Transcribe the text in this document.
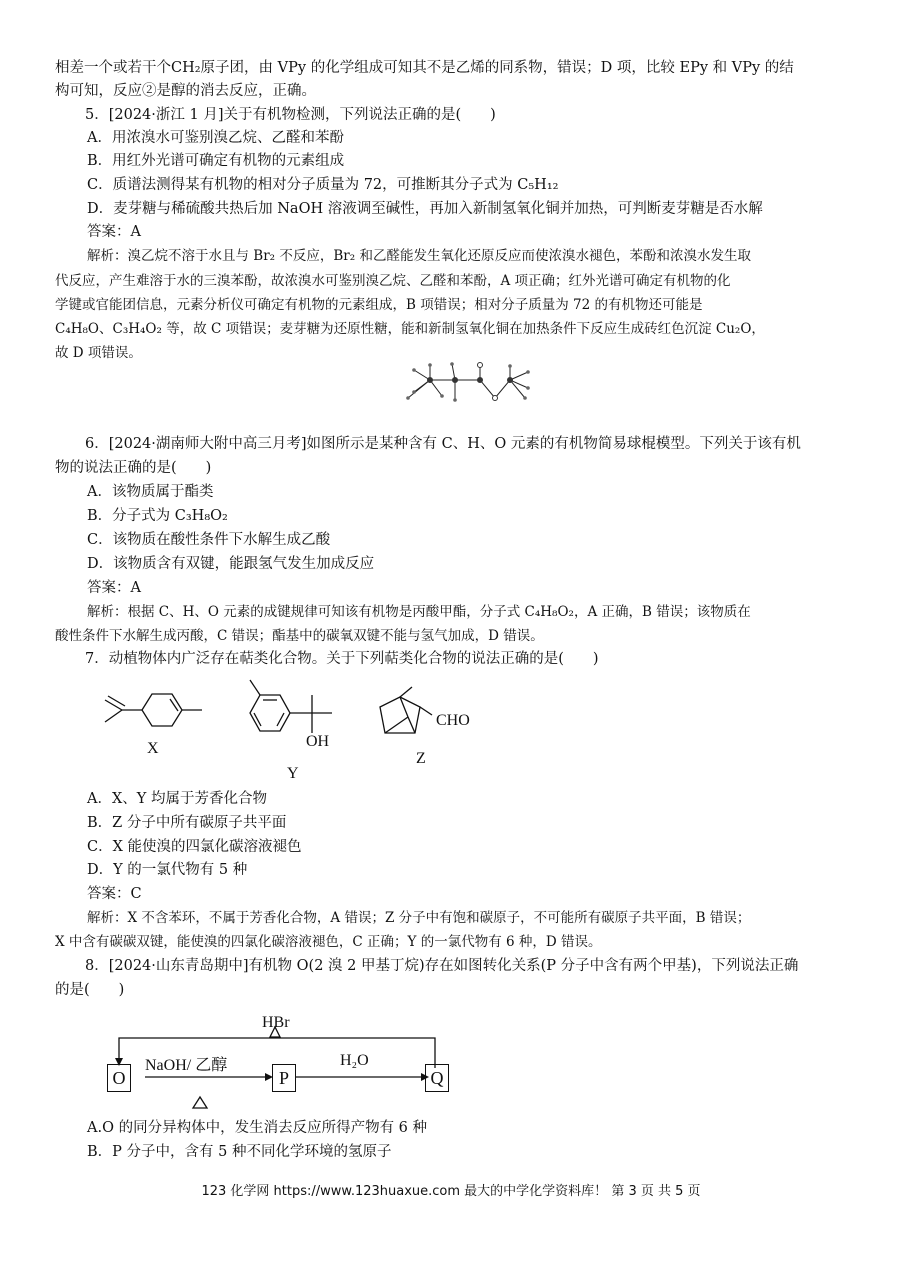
相差一个或若干个CH₂原子团，由 VPy 的化学组成可知其不是乙烯的同系物，错误；D 项，比较 EPy 和 VPy 的结
构可知，反应②是醇的消去反应，正确。
5．[2024·浙江 1 月]关于有机物检测，下列说法正确的是(　　)
A．用浓溴水可鉴别溴乙烷、乙醛和苯酚
B．用红外光谱可确定有机物的元素组成
C．质谱法测得某有机物的相对分子质量为 72，可推断其分子式为 C₅H₁₂
D．麦芽糖与稀硫酸共热后加 NaOH 溶液调至碱性，再加入新制氢氧化铜并加热，可判断麦芽糖是否水解
答案：A
解析：溴乙烷不溶于水且与 Br₂ 不反应，Br₂ 和乙醛能发生氧化还原反应而使浓溴水褪色，苯酚和浓溴水发生取
代反应，产生难溶于水的三溴苯酚，故浓溴水可鉴别溴乙烷、乙醛和苯酚，A 项正确；红外光谱可确定有机物的化
学键或官能团信息，元素分析仪可确定有机物的元素组成，B 项错误；相对分子质量为 72 的有机物还可能是
C₄H₈O、C₃H₄O₂ 等，故 C 项错误；麦芽糖为还原性糖，能和新制氢氧化铜在加热条件下反应生成砖红色沉淀 Cu₂O，
故 D 项错误。
6．[2024·湖南师大附中高三月考]如图所示是某种含有 C、H、O 元素的有机物简易球棍模型。下列关于该有机
物的说法正确的是(　　)
A．该物质属于酯类
B．分子式为 C₃H₈O₂
C．该物质在酸性条件下水解生成乙酸
D．该物质含有双键，能跟氢气发生加成反应
答案：A
解析：根据 C、H、O 元素的成键规律可知该有机物是丙酸甲酯，分子式 C₄H₈O₂，A 正确，B 错误；该物质在
酸性条件下水解生成丙酸，C 错误；酯基中的碳氧双键不能与氢气加成，D 错误。
7．动植物体内广泛存在萜类化合物。关于下列萜类化合物的说法正确的是(　　)
X	OH
Y
CHO
Z
A．X、Y 均属于芳香化合物
B．Z 分子中所有碳原子共平面
C．X 能使溴的四氯化碳溶液褪色
D．Y 的一氯代物有 5 种
答案：C
解析：X 不含苯环，不属于芳香化合物，A 错误；Z 分子中有饱和碳原子，不可能所有碳原子共平面，B 错误；
X 中含有碳碳双键，能使溴的四氯化碳溶液褪色，C 正确；Y 的一氯代物有 6 种，D 错误。
8．[2024·山东青岛期中]有机物 O(2 溴 2 甲基丁烷)存在如图转化关系(P 分子中含有两个甲基)，下列说法正确
的是(　　)
HBr
NaOH/ 乙醇	H₂O
O	P	Q
A.O 的同分异构体中，发生消去反应所得产物有 6 种
B．P 分子中，含有 5 种不同化学环境的氢原子
123 化学网 https://www.123huaxue.com 最大的中学化学资料库！ 第 3 页 共 5 页
